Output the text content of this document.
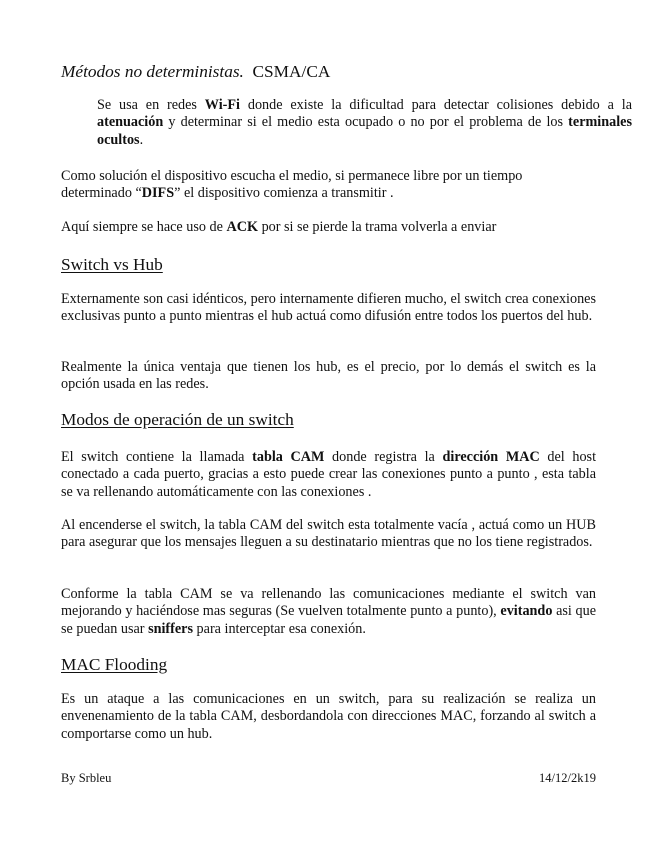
Métodos no deterministas. CSMA/CA

Se usa en redes Wi-Fi donde existe la dificultad para detectar colisiones debido a la atenuación y determinar si el medio esta ocupado o no por el problema de los terminales ocultos.

Como solución el dispositivo escucha el medio, si permanece libre por un tiempo determinado “DIFS” el dispositivo comienza a transmitir .

Aquí siempre se hace uso de ACK por si se pierde la trama volverla a enviar

Switch vs Hub

Externamente son casi idénticos, pero internamente difieren mucho, el switch crea conexiones exclusivas punto a punto mientras el hub actuá como difusión entre todos los puertos del hub.

Realmente la única ventaja que tienen los hub, es el precio, por lo demás el switch es la opción usada en las redes.

Modos de operación de un switch

El switch contiene la llamada tabla CAM donde registra la dirección MAC del host conectado a cada puerto, gracias a esto puede crear las conexiones punto a punto , esta tabla se va rellenando automáticamente con las conexiones .

Al encenderse el switch, la tabla CAM del switch esta totalmente vacía , actuá como un HUB para asegurar que los mensajes lleguen a su destinatario mientras que no los tiene registrados.

Conforme la tabla CAM se va rellenando las comunicaciones mediante el switch van mejorando y haciéndose mas seguras (Se vuelven totalmente punto a punto), evitando asi que se puedan usar sniffers para interceptar esa conexión.

MAC Flooding

Es un ataque a las comunicaciones en un switch, para su realización se realiza un envenenamiento de la tabla CAM, desbordandola con direcciones MAC, forzando al switch a comportarse como un hub.

By Srbleu	14/12/2k19
